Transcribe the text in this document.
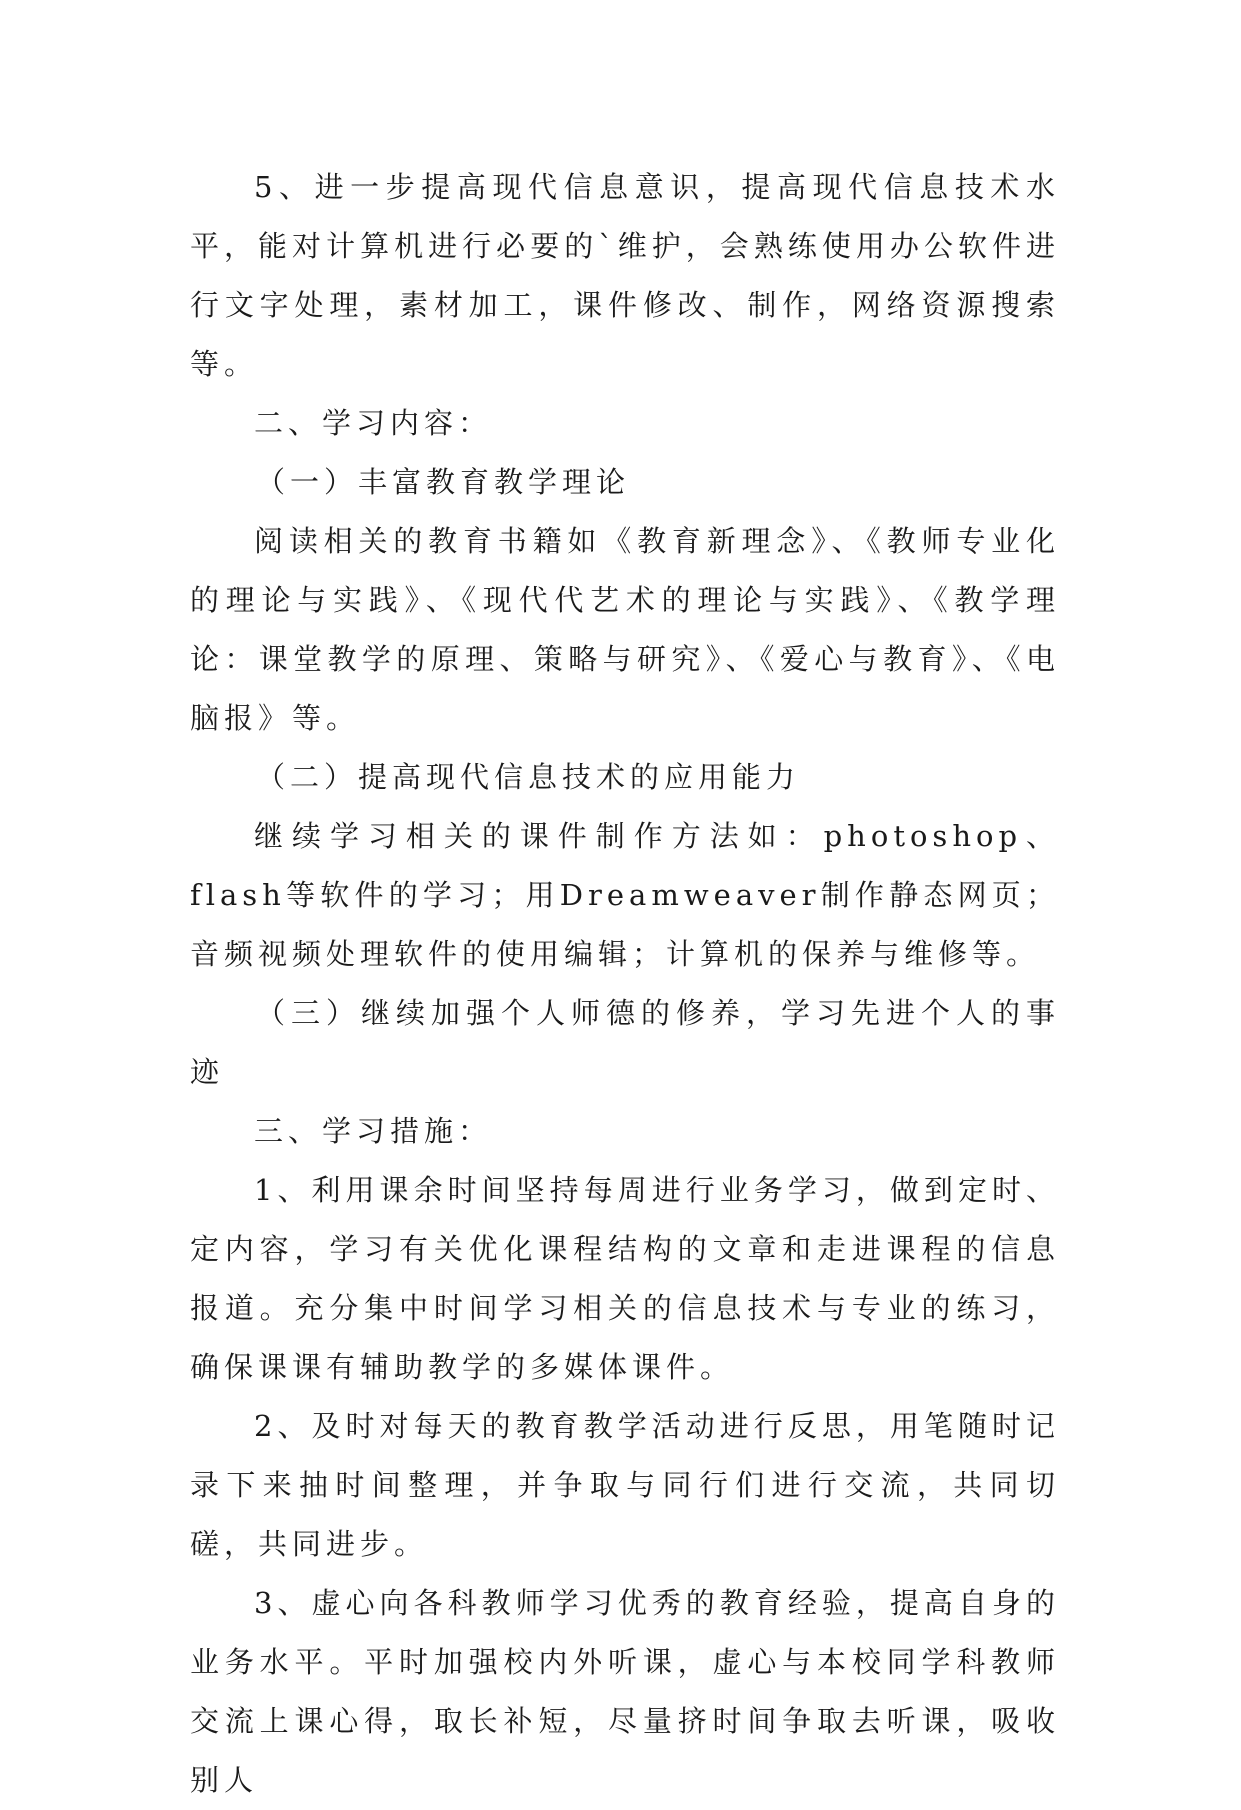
5、进一步提高现代信息意识，提高现代信息技术水平，能对计算机进行必要的`维护，会熟练使用办公软件进行文字处理，素材加工，课件修改、制作，网络资源搜索等。

二、学习内容：

（一）丰富教育教学理论

阅读相关的教育书籍如《教育新理念》、《教师专业化的理论与实践》、《现代代艺术的理论与实践》、《教学理论：课堂教学的原理、策略与研究》、《爱心与教育》、《电脑报》等。

（二）提高现代信息技术的应用能力

继续学习相关的课件制作方法如：photoshop、flash等软件的学习；用Dreamweaver制作静态网页；音频视频处理软件的使用编辑；计算机的保养与维修等。

（三）继续加强个人师德的修养，学习先进个人的事迹

三、学习措施：

1、利用课余时间坚持每周进行业务学习，做到定时、定内容，学习有关优化课程结构的文章和走进课程的信息报道。充分集中时间学习相关的信息技术与专业的练习，确保课课有辅助教学的多媒体课件。

2、及时对每天的教育教学活动进行反思，用笔随时记录下来抽时间整理，并争取与同行们进行交流，共同切磋，共同进步。

3、虚心向各科教师学习优秀的教育经验，提高自身的业务水平。平时加强校内外听课，虚心与本校同学科教师交流上课心得，取长补短，尽量挤时间争取去听课，吸收别人
